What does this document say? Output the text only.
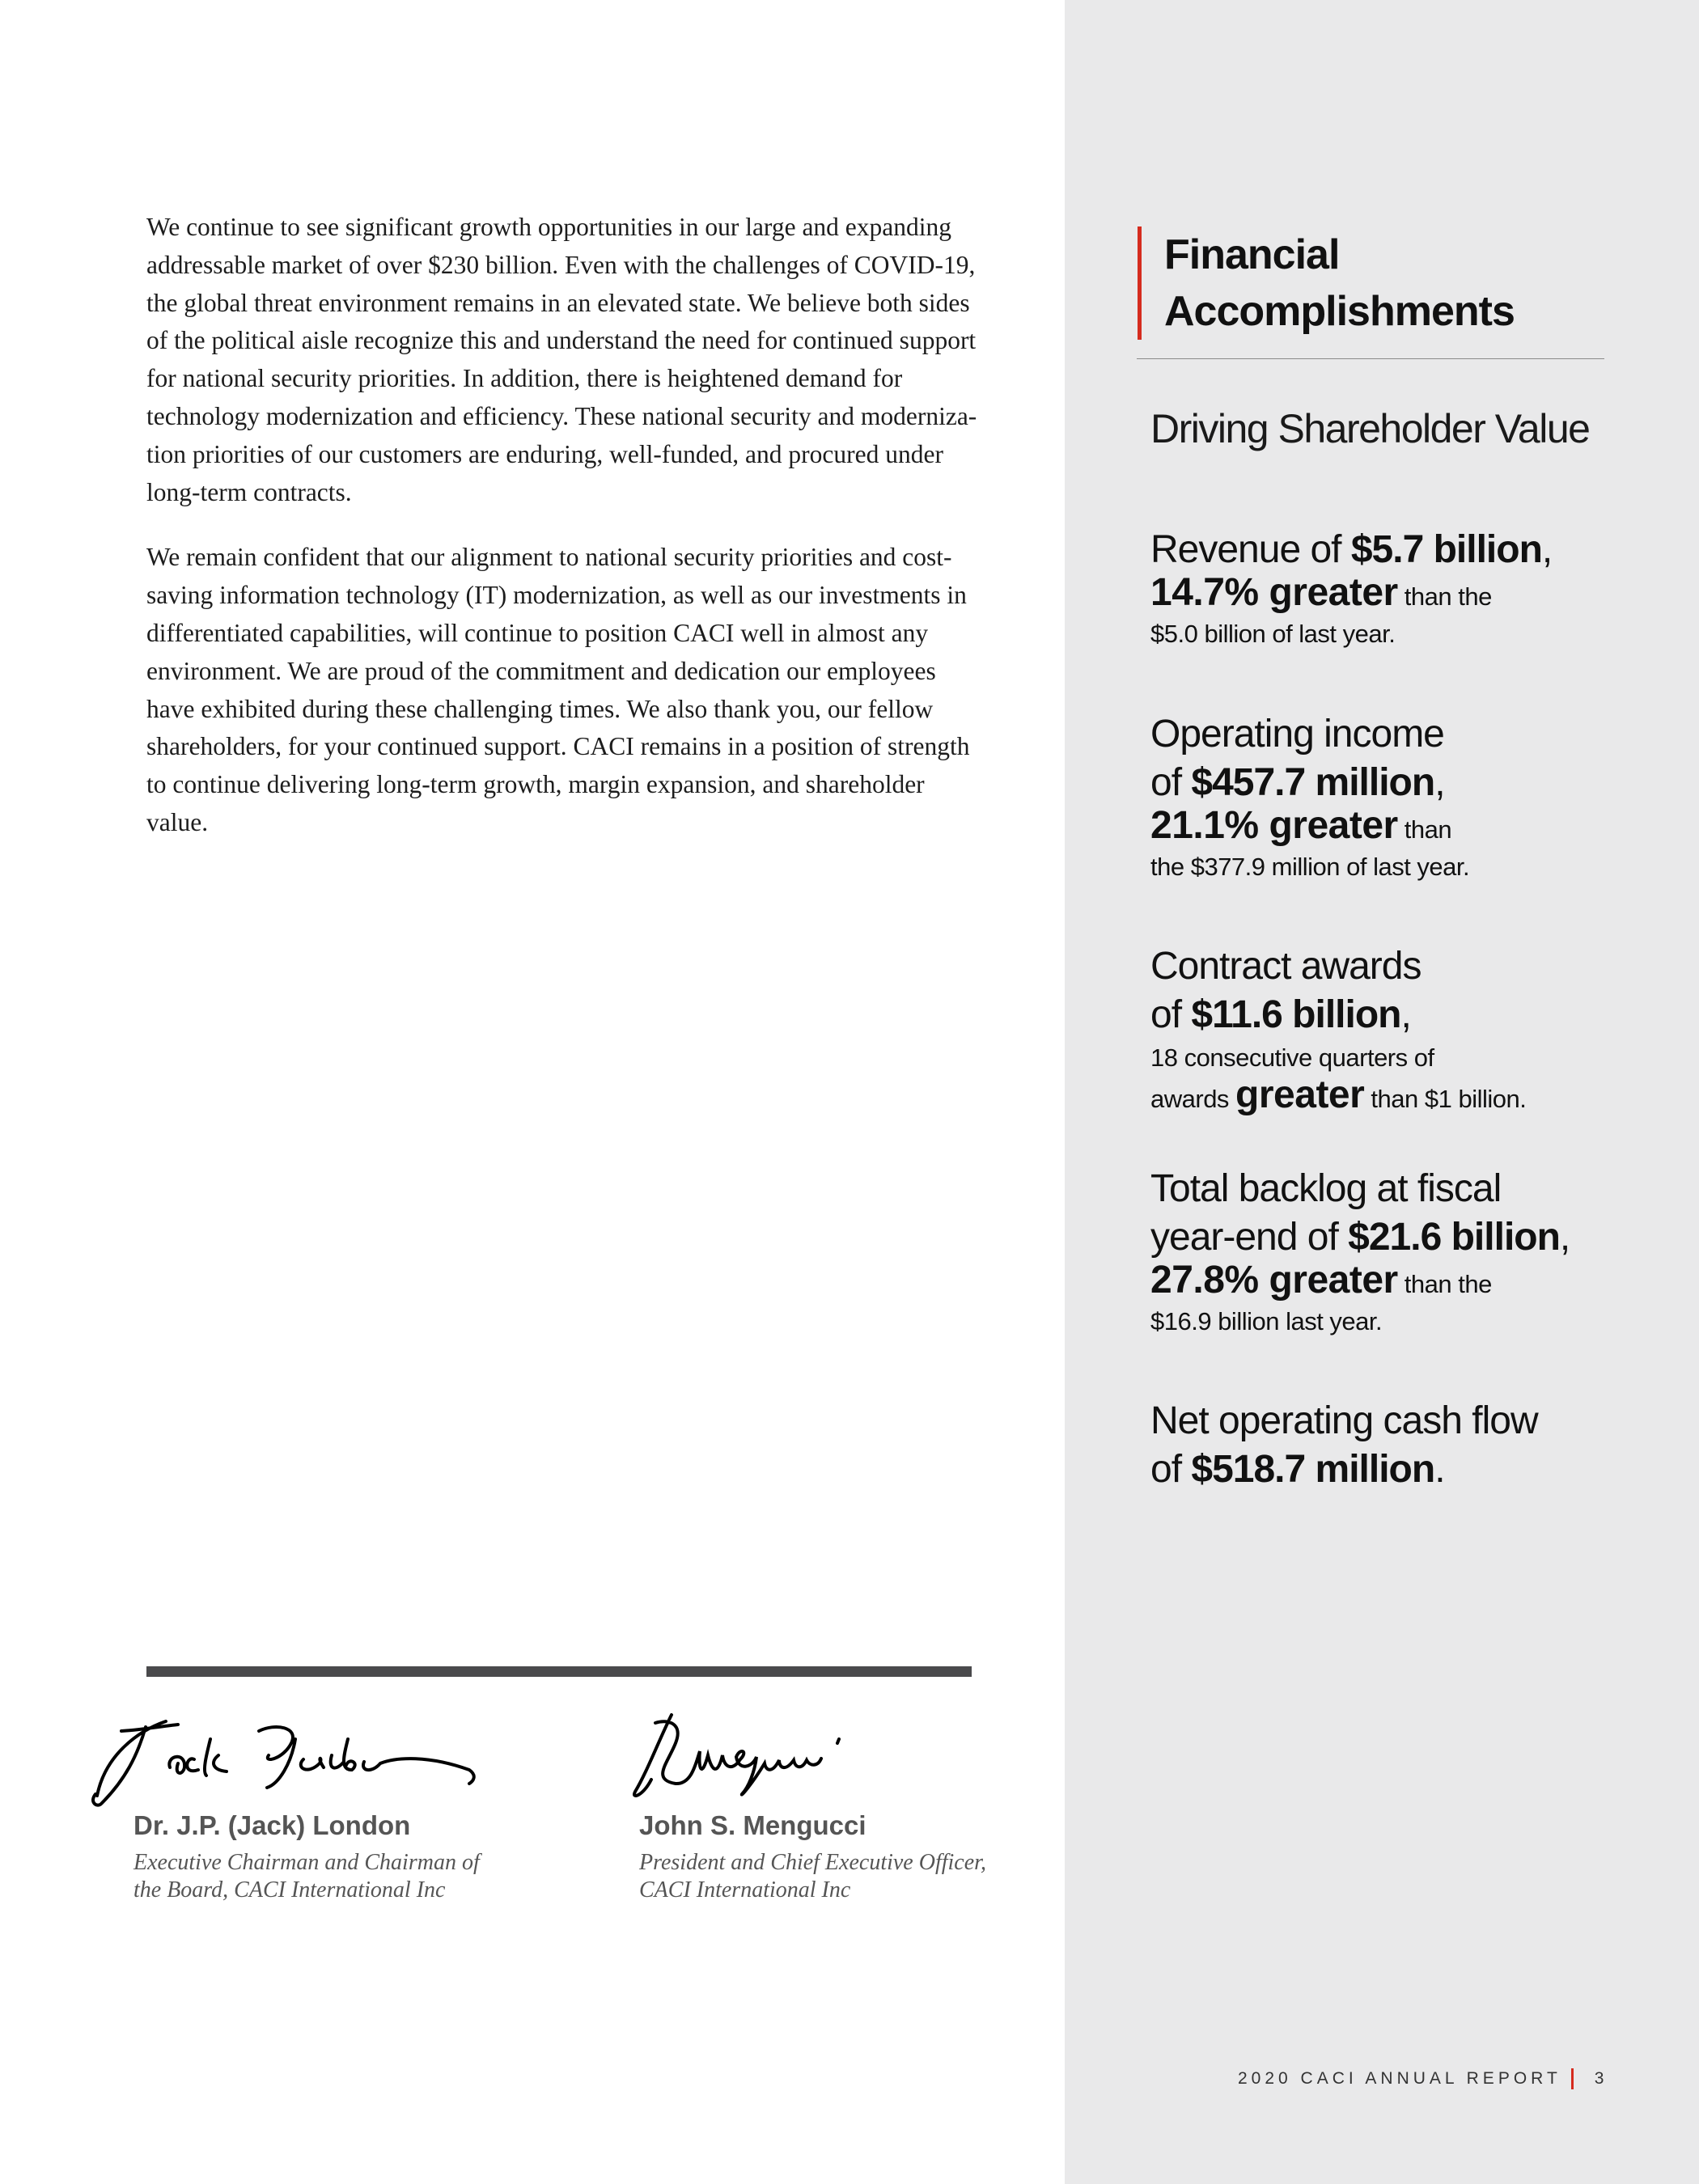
We continue to see significant growth opportunities in our large and expanding addressable market of over $230 billion. Even with the challenges of COVID-19, the global threat environment remains in an elevated state. We believe both sides of the political aisle recognize this and understand the need for continued support for national security priorities. In addition, there is heightened demand for technology modernization and efficiency. These national security and moderniza-tion priorities of our customers are enduring, well-funded, and procured under long-term contracts.

We remain confident that our alignment to national security priorities and cost-saving information technology (IT) modernization, as well as our investments in differentiated capabilities, will continue to position CACI well in almost any environment. We are proud of the commitment and dedication our employees have exhibited during these challenging times. We also thank you, our fellow shareholders, for your continued support. CACI remains in a position of strength to continue delivering long-term growth, margin expansion, and shareholder value.

Financial
Accomplishments
Driving Shareholder Value
Revenue of $5.7 billion,
14.7% greater than the
$5.0 billion of last year.
Operating income
of $457.7 million,
21.1% greater than
the $377.9 million of last year.
Contract awards
of $11.6 billion,
18 consecutive quarters of
awards greater than $1 billion.
Total backlog at fiscal
year-end of $21.6 billion,
27.8% greater than the
$16.9 billion last year.
Net operating cash flow
of $518.7 million.
Dr. J.P. (Jack) London
Executive Chairman and Chairman of
the Board, CACI International Inc
John S. Mengucci
President and Chief Executive Officer,
CACI International Inc
2020 CACI ANNUAL REPORT 3
